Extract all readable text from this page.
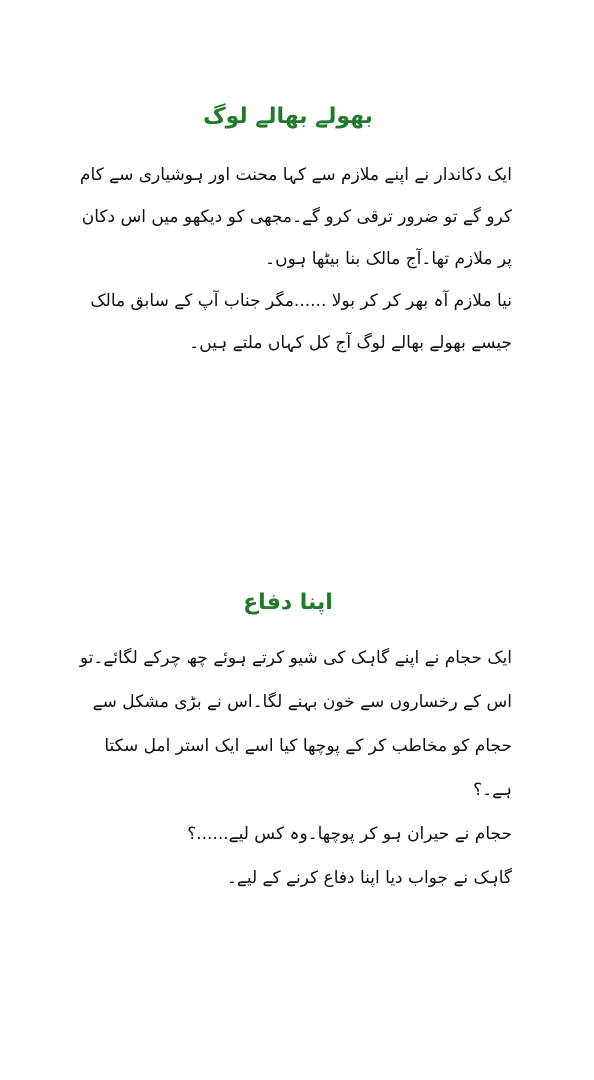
بھولے بھالے لوگ

ایک دکاندار نے اپنے ملازم سے کہا محنت اور ہوشیاری سے کام کرو گے تو ضرور ترقی کرو گے۔مجھی کو دیکھو میں اس دکان پر ملازم تھا۔آج مالک بنا بیٹھا ہوں۔

نیا ملازم آہ بھر کر کر بولا ......مگر جناب آپ کے سابق مالک جیسے بھولے بھالے لوگ آج کل کہاں ملتے ہیں۔

اپنا دفاع

ایک حجام نے اپنے گاہک کی شیو کرتے ہوئے چھ چرکے لگائے۔تو اس کے رخساروں سے خون بہنے لگا۔اس نے بڑی مشکل سے حجام کو مخاطب کر کے پوچھا کیا اسے ایک استر امل سکتا ہے۔؟

حجام نے حیران ہو کر پوچھا۔وہ کس لیے......؟

گاہک نے جواب دیا اپنا دفاع کرنے کے لیے۔
